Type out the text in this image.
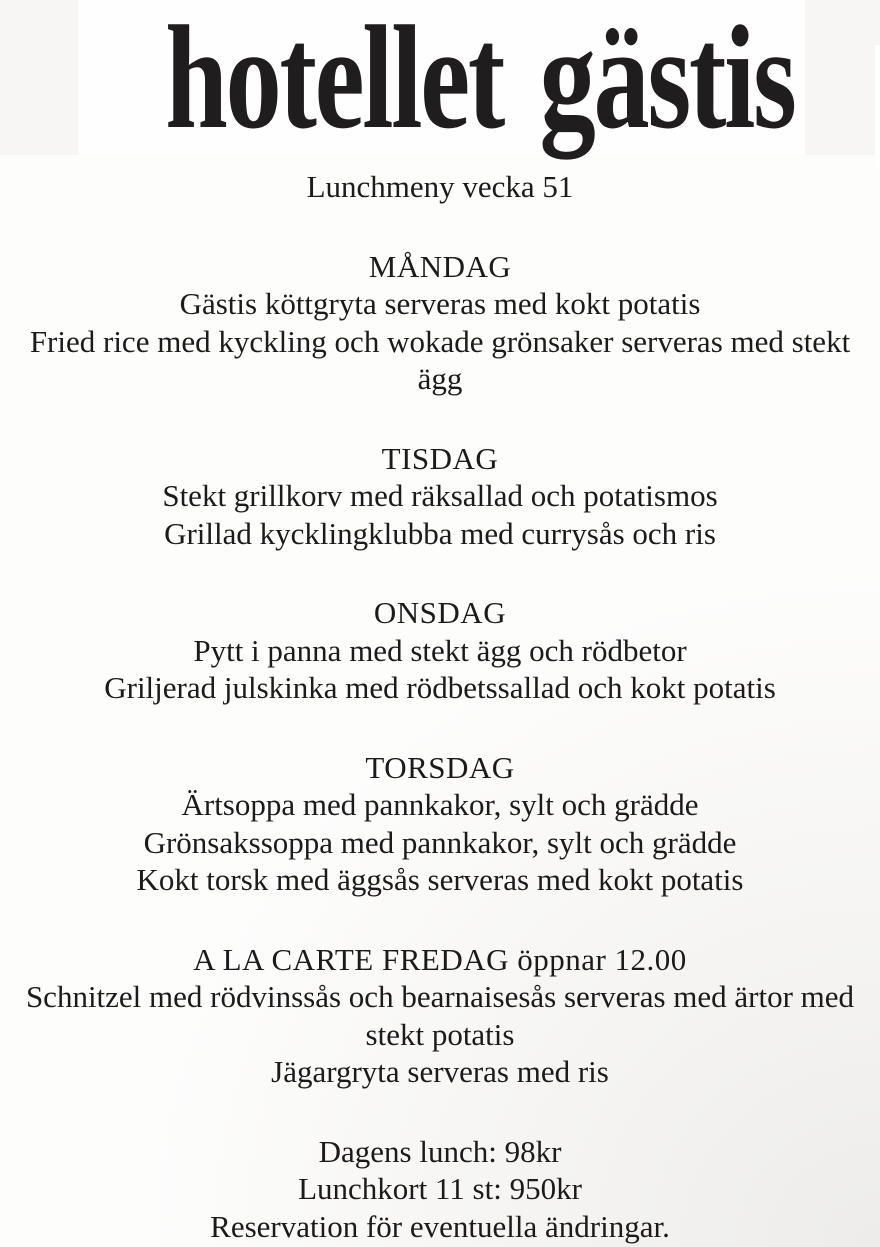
hotellet gästis

Lunchmeny vecka 51

MÅNDAG

Gästis köttgryta serveras med kokt potatis

Fried rice med kyckling och wokade grönsaker serveras med stekt ägg

TISDAG

Stekt grillkorv med räksallad och potatismos

Grillad kycklingklubba med currysås och ris

ONSDAG

Pytt i panna med stekt ägg och rödbetor

Griljerad julskinka med rödbetssallad och kokt potatis

TORSDAG

Ärtsoppa med pannkakor, sylt och grädde

Grönsakssoppa med pannkakor, sylt och grädde

Kokt torsk med äggsås serveras med kokt potatis

A LA CARTE FREDAG öppnar 12.00

Schnitzel med rödvinssås och bearnaisesås serveras med ärtor med stekt potatis

Jägargryta serveras med ris

Dagens lunch: 98kr

Lunchkort 11 st: 950kr

Reservation för eventuella ändringar.
